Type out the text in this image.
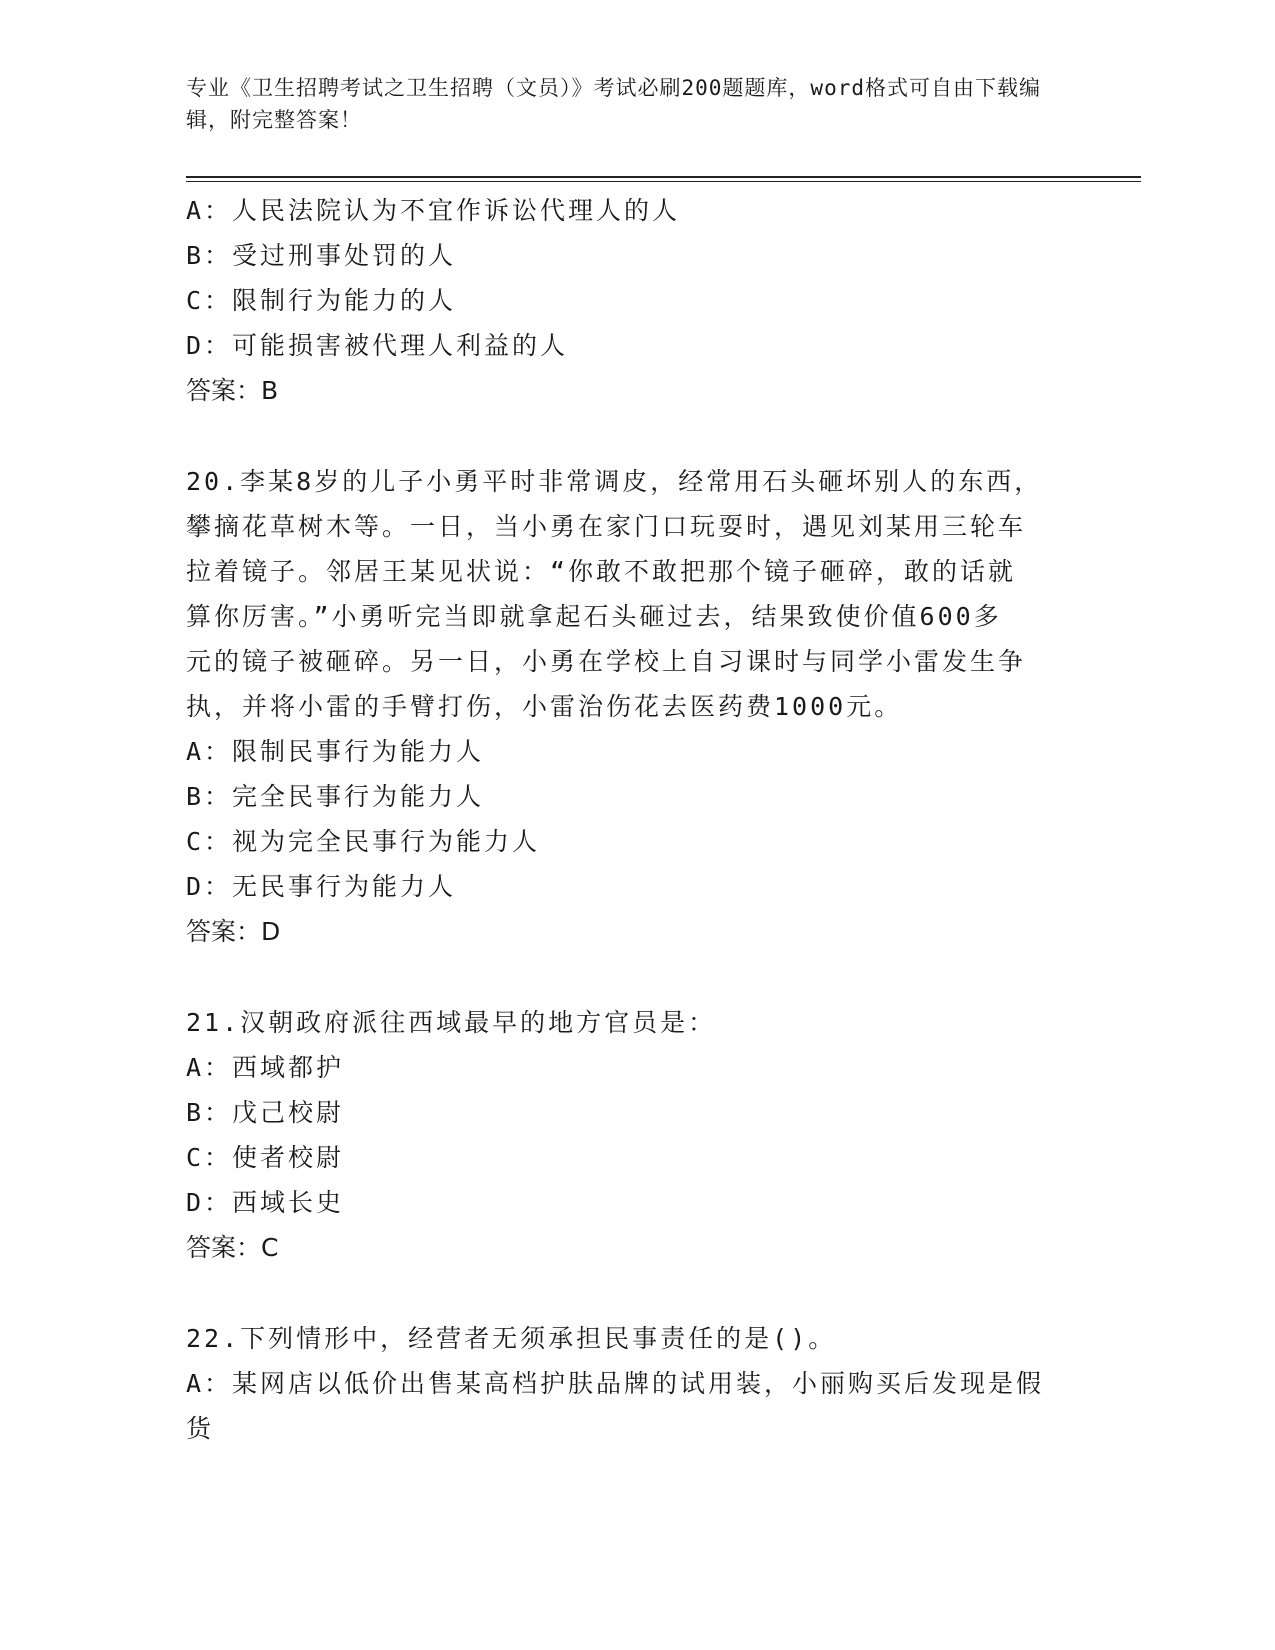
专业《卫生招聘考试之卫生招聘（文员）》考试必刷200题题库，word格式可自由下载编辑，附完整答案！
A：人民法院认为不宜作诉讼代理人的人
B：受过刑事处罚的人
C：限制行为能力的人
D：可能损害被代理人利益的人
答案：B
20.李某8岁的儿子小勇平时非常调皮，经常用石头砸坏别人的东西，
攀摘花草树木等。一日，当小勇在家门口玩耍时，遇见刘某用三轮车
拉着镜子。邻居王某见状说：“你敢不敢把那个镜子砸碎，敢的话就
算你厉害。”小勇听完当即就拿起石头砸过去，结果致使价值600多
元的镜子被砸碎。另一日，小勇在学校上自习课时与同学小雷发生争
执，并将小雷的手臂打伤，小雷治伤花去医药费1000元。
A：限制民事行为能力人
B：完全民事行为能力人
C：视为完全民事行为能力人
D：无民事行为能力人
答案：D
21.汉朝政府派往西域最早的地方官员是：
A：西域都护
B：戊己校尉
C：使者校尉
D：西域长史
答案：C
22.下列情形中，经营者无须承担民事责任的是()。
A：某网店以低价出售某高档护肤品牌的试用装，小丽购买后发现是假
货
